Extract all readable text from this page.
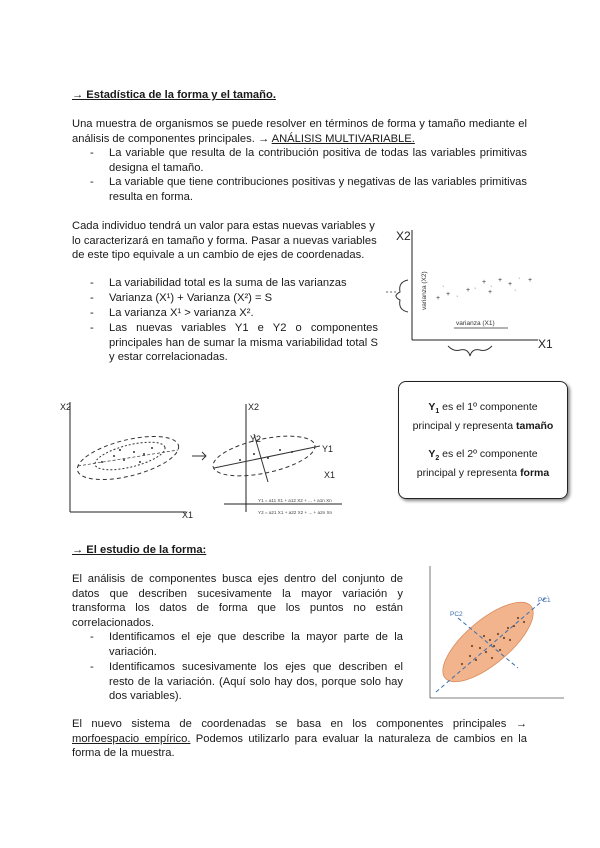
→ Estadística de la forma y el tamaño.
Una muestra de organismos se puede resolver en términos de forma y tamaño mediante el análisis de componentes principales. → ANÁLISIS MULTIVARIABLE.
- La variable que resulta de la contribución positiva de todas las variables primitivas designa el tamaño.
- La variable que tiene contribuciones positivas y negativas de las variables primitivas resulta en forma.
Cada individuo tendrá un valor para estas nuevas variables y lo caracterizará en tamaño y forma. Pasar a nuevas variables de este tipo equivale a un cambio de ejes de coordenadas.
- La variabilidad total es la suma de las varianzas
- Varianza (X¹) + Varianza (X²) = S
- La varianza X¹ > varianza X².
- Las nuevas variables Y1 e Y2 o componentes principales han de sumar la misma variabilidad total S y estar correlacionadas.
X2
X1
+
+ ·
+ ·
+
·
+
+
· +
·
+	·
varianza (X2)
varianza (X1)
X2
X1
X2
X1
Y1
Y2
Y1 = a11 X1 + a12 X2 + ... + a1n Xn
Y2 = a21 X1 + a22 X2 + ... + a2n Xn
$Y_1$ es el 1º componente
principal y representa tamaño
$Y_2$ es el 2º componente
principal y representa forma
→ El estudio de la forma:
El análisis de componentes busca ejes dentro del conjunto de datos que describen sucesivamente la mayor variación y transforma los datos de forma que los puntos no están correlacionados.
- Identificamos el eje que describe la mayor parte de la variación.
- Identificamos sucesivamente los ejes que describen el resto de la variación. (Aquí solo hay dos, porque solo hay dos variables).
El nuevo sistema de coordenadas se basa en los componentes principales → morfoespacio empírico. Podemos utilizarlo para evaluar la naturaleza de cambios en la forma de la muestra.
PC1
PC2
